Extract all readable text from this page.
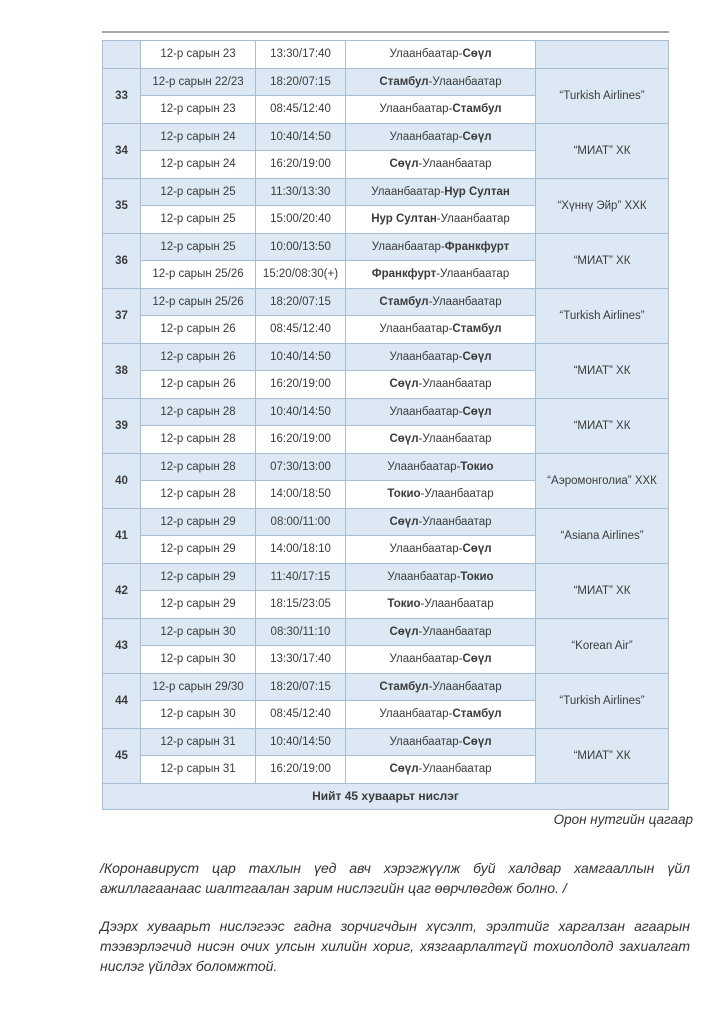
	12-р сарын 23	13:30/17:40	Улаанбаатар-Сөүл	
33	12-р сарын 22/23	18:20/07:15	Стамбул-Улаанбаатар	“Turkish Airlines”
	12-р сарын 23	08:45/12:40	Улаанбаатар-Стамбул	
34	12-р сарын 24	10:40/14:50	Улаанбаатар-Сөүл	“МИАТ” ХК
	12-р сарын 24	16:20/19:00	Сөүл-Улаанбаатар	
35	12-р сарын 25	11:30/13:30	Улаанбаатар-Нур Султан	“Хүннү Эйр” ХХК
	12-р сарын 25	15:00/20:40	Нур Султан-Улаанбаатар	
36	12-р сарын 25	10:00/13:50	Улаанбаатар-Франкфурт	“МИАТ” ХК
	12-р сарын 25/26	15:20/08:30(+)	Франкфурт-Улаанбаатар	
37	12-р сарын 25/26	18:20/07:15	Стамбул-Улаанбаатар	“Turkish Airlines”
	12-р сарын 26	08:45/12:40	Улаанбаатар-Стамбул	
38	12-р сарын 26	10:40/14:50	Улаанбаатар-Сөүл	“МИАТ” ХК
	12-р сарын 26	16:20/19:00	Сөүл-Улаанбаатар	
39	12-р сарын 28	10:40/14:50	Улаанбаатар-Сөүл	“МИАТ” ХК
	12-р сарын 28	16:20/19:00	Сөүл-Улаанбаатар	
40	12-р сарын 28	07:30/13:00	Улаанбаатар-Токио	“Аэромонголиа” ХХК
	12-р сарын 28	14:00/18:50	Токио-Улаанбаатар	
41	12-р сарын 29	08:00/11:00	Сөүл-Улаанбаатар	“Asiana Airlines”
	12-р сарын 29	14:00/18:10	Улаанбаатар-Сөүл	
42	12-р сарын 29	11:40/17:15	Улаанбаатар-Токио	“МИАТ” ХК
	12-р сарын 29	18:15/23:05	Токио-Улаанбаатар	
43	12-р сарын 30	08:30/11:10	Сөүл-Улаанбаатар	“Korean Air”
	12-р сарын 30	13:30/17:40	Улаанбаатар-Сөүл	
44	12-р сарын 29/30	18:20/07:15	Стамбул-Улаанбаатар	“Turkish Airlines”
	12-р сарын 30	08:45/12:40	Улаанбаатар-Стамбул	
45	12-р сарын 31	10:40/14:50	Улаанбаатар-Сөүл	“МИАТ” ХК
	12-р сарын 31	16:20/19:00	Сөүл-Улаанбаатар	
Нийт 45 хуваарьт нислэг				
Орон нутгийн цагаар
/Коронавируст цар тахлын үед авч хэрэгжүүлж буй халдвар хамгааллын үйл ажиллагаанаас шалтгаалан зарим нислэгийн цаг өөрчлөгдөж болно. /
Дээрх хуваарьт нислэгээс гадна зорчигчдын хүсэлт, эрэлтийг харгалзан агаарын тээвэрлэгчид нисэн очих улсын хилийн хориг, хязгаарлалтгүй тохиолдолд захиалгат нислэг үйлдэх боломжтой.
